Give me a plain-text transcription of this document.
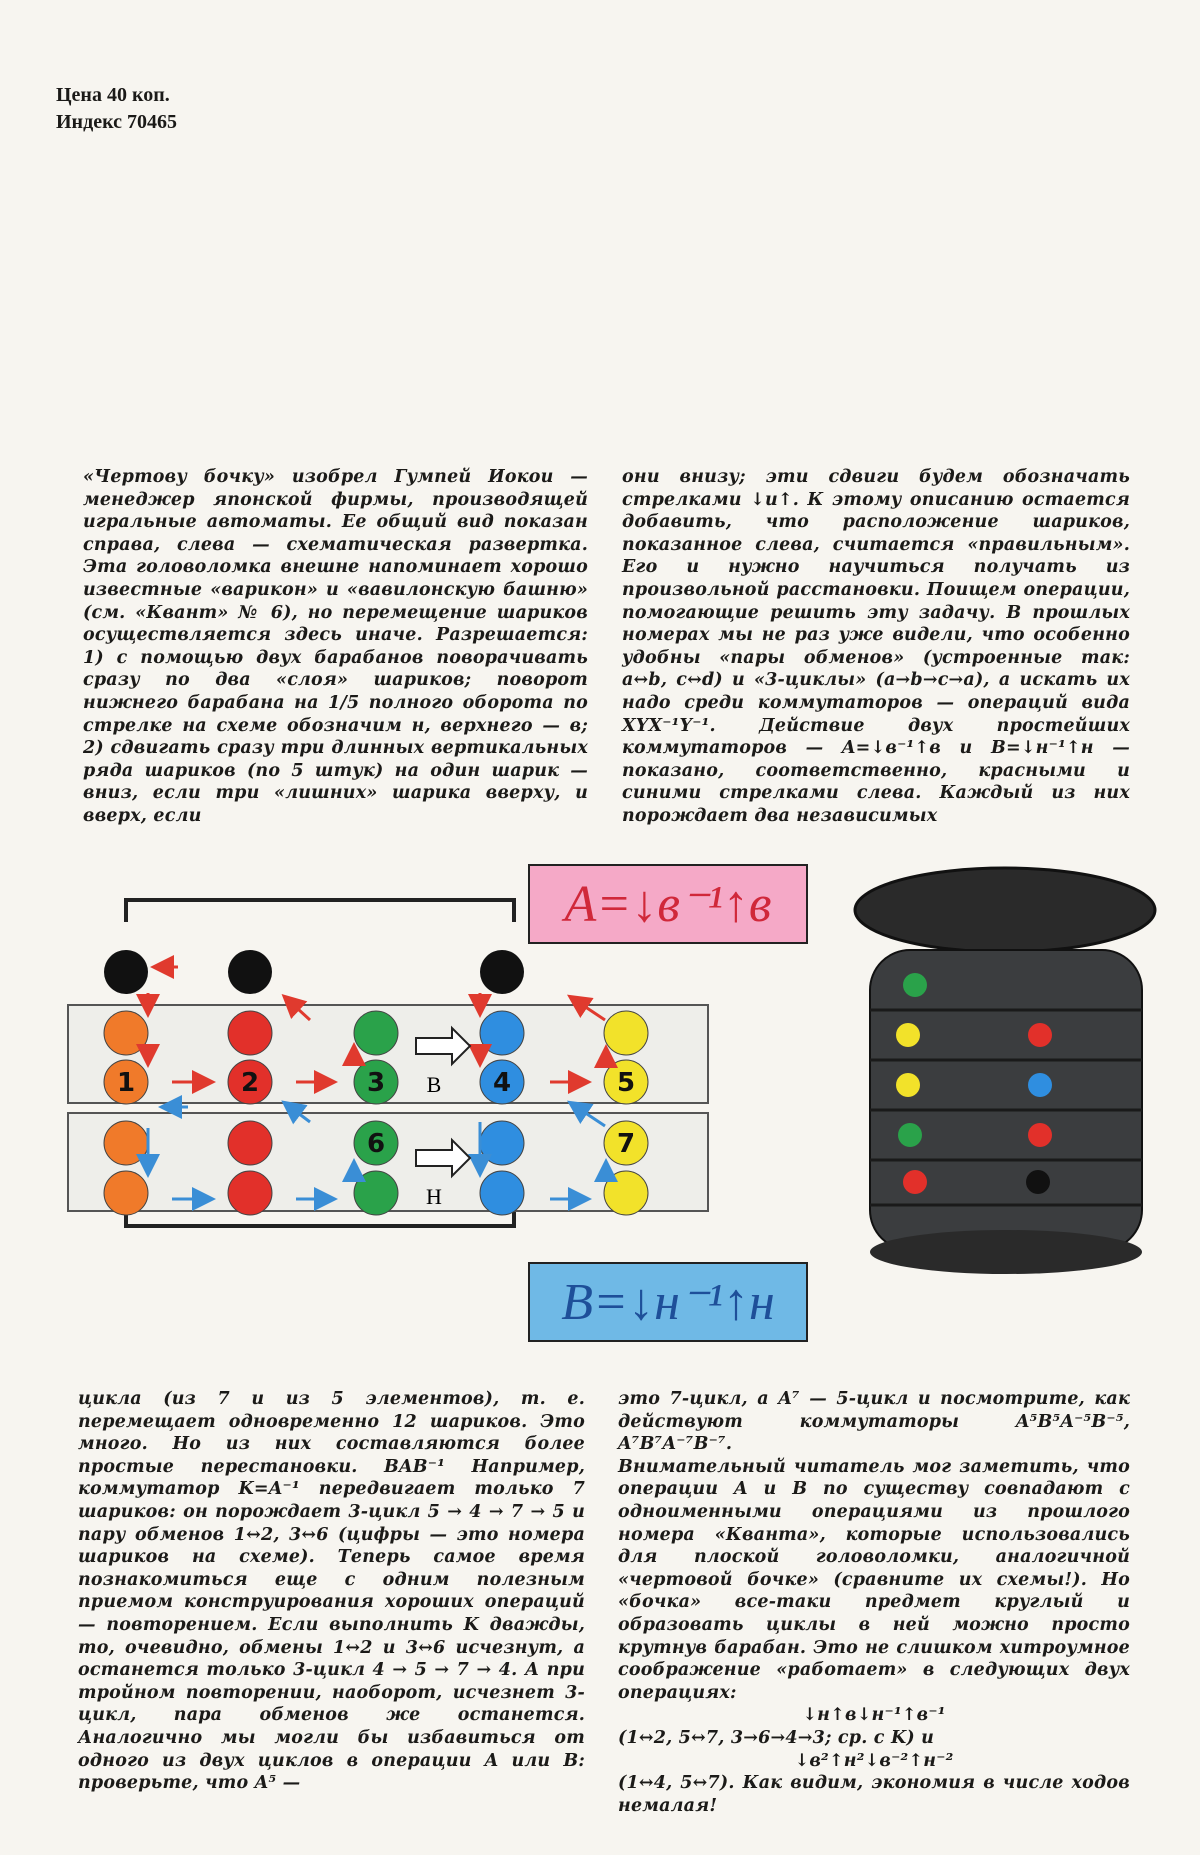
Цена 40 коп.
Индекс 70465

«Чертову бочку» изобрел Гумпей Иокои — менеджер японской фирмы, производящей игральные автоматы. Ее общий вид показан справа, слева — схематическая развертка. Эта головоломка внешне напоминает хорошо известные «варикон» и «вавилонскую башню» (см. «Квант» № 6), но перемещение шариков осуществляется здесь иначе. Разрешается: 1) с помощью двух барабанов поворачивать сразу по два «слоя» шариков; поворот нижнего барабана на 1/5 полного оборота по стрелке на схеме обозначим н, верхнего — в; 2) сдвигать сразу три длинных вертикальных ряда шариков (по 5 штук) на один шарик — вниз, если три «лишних» шарика вверху, и вверх, если

они внизу; эти сдвиги будем обозначать стрелками ↓и↑. К этому описанию остается добавить, что расположение шариков, показанное слева, считается «правильным». Его и нужно научиться получать из произвольной расстановки. Поищем операции, помогающие решить эту задачу. В прошлых номерах мы не раз уже видели, что особенно удобны «пары обменов» (устроенные так: a↔b, c↔d) и «3-циклы» (a→b→c→a), а искать их надо среди коммутаторов — операций вида XYX⁻¹Y⁻¹. Действие двух простейших коммутаторов — A=↓в⁻¹↑в и B=↓н⁻¹↑н — показано, соответственно, красными и синими стрелками слева. Каждый из них порождает два независимых

1	2	3	4	5
6	7
В
Н
A=↓в⁻¹↑в
B=↓н⁻¹↑н

цикла (из 7 и из 5 элементов), т. е. перемещает одновременно 12 шариков. Это много. Но из них составляются более простые перестановки. BAB⁻¹ Например, коммутатор K=A⁻¹ передвигает только 7 шариков: он порождает 3-цикл 5 → 4 → 7 → 5 и пару обменов 1↔2, 3↔6 (цифры — это номера шариков на схеме). Теперь самое время познакомиться еще с одним полезным приемом конструирования хороших операций — повторением. Если выполнить K дважды, то, очевидно, обмены 1↔2 и 3↔6 исчезнут, а останется только 3-цикл 4 → 5 → 7 → 4. А при тройном повторении, наоборот, исчезнет 3-цикл, пара обменов же останется. Аналогично мы могли бы избавиться от одного из двух циклов в операции A или B: проверьте, что A⁵ —

это 7-цикл, а A⁷ — 5-цикл и посмотрите, как действуют коммутаторы A⁵B⁵A⁻⁵B⁻⁵, A⁷B⁷A⁻⁷B⁻⁷.

Внимательный читатель мог заметить, что операции A и B по существу совпадают с одноименными операциями из прошлого номера «Кванта», которые использовались для плоской головоломки, аналогичной «чертовой бочке» (сравните их схемы!). Но «бочка» все-таки предмет круглый и образовать циклы в ней можно просто крутнув барабан. Это не слишком хитроумное соображение «работает» в следующих двух операциях:

↓н↑в↓н⁻¹↑в⁻¹

(1↔2, 5↔7, 3→6→4→3; ср. с K) и

↓в²↑н²↓в⁻²↑н⁻²

(1↔4, 5↔7). Как видим, экономия в числе ходов немалая!
